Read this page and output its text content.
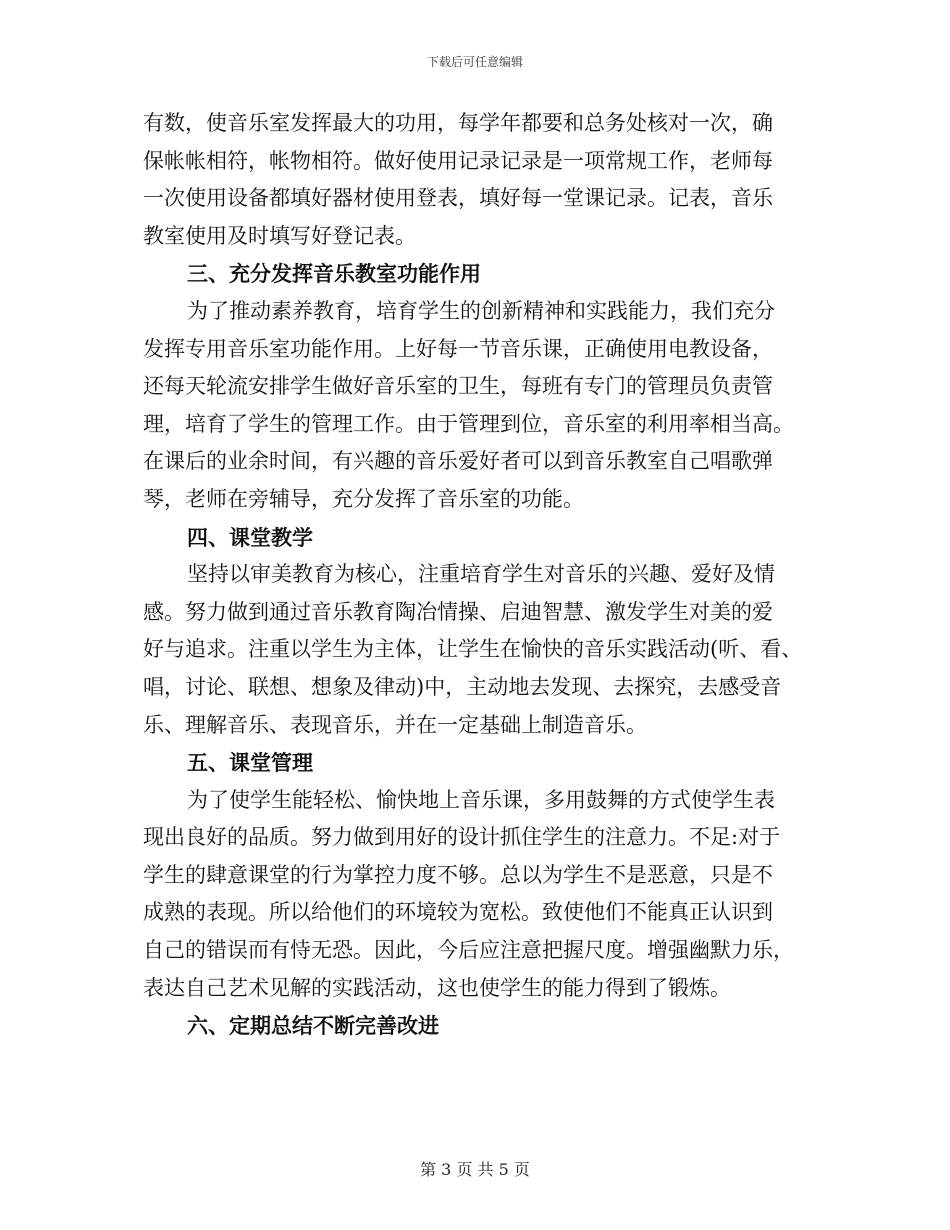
下载后可任意编辑
有数，使音乐室发挥最大的功用，每学年都要和总务处核对一次，确
保帐帐相符，帐物相符。做好使用记录记录是一项常规工作，老师每
一次使用设备都填好器材使用登表，填好每一堂课记录。记表，音乐
教室使用及时填写好登记表。
三、充分发挥音乐教室功能作用
为了推动素养教育，培育学生的创新精神和实践能力，我们充分
发挥专用音乐室功能作用。上好每一节音乐课，正确使用电教设备，
还每天轮流安排学生做好音乐室的卫生，每班有专门的管理员负责管
理，培育了学生的管理工作。由于管理到位，音乐室的利用率相当高。
在课后的业余时间，有兴趣的音乐爱好者可以到音乐教室自己唱歌弹
琴，老师在旁辅导，充分发挥了音乐室的功能。
四、课堂教学
坚持以审美教育为核心，注重培育学生对音乐的兴趣、爱好及情
感。努力做到通过音乐教育陶冶情操、启迪智慧、激发学生对美的爱
好与追求。注重以学生为主体，让学生在愉快的音乐实践活动(听、看、
唱，讨论、联想、想象及律动)中，主动地去发现、去探究，去感受音
乐、理解音乐、表现音乐，并在一定基础上制造音乐。
五、课堂管理
为了使学生能轻松、愉快地上音乐课，多用鼓舞的方式使学生表
现出良好的品质。努力做到用好的设计抓住学生的注意力。不足:对于
学生的肆意课堂的行为掌控力度不够。总以为学生不是恶意，只是不
成熟的表现。所以给他们的环境较为宽松。致使他们不能真正认识到
自己的错误而有恃无恐。因此，今后应注意把握尺度。增强幽默力乐，
表达自己艺术见解的实践活动，这也使学生的能力得到了锻炼。
六、定期总结不断完善改进
第 3 页 共 5 页
